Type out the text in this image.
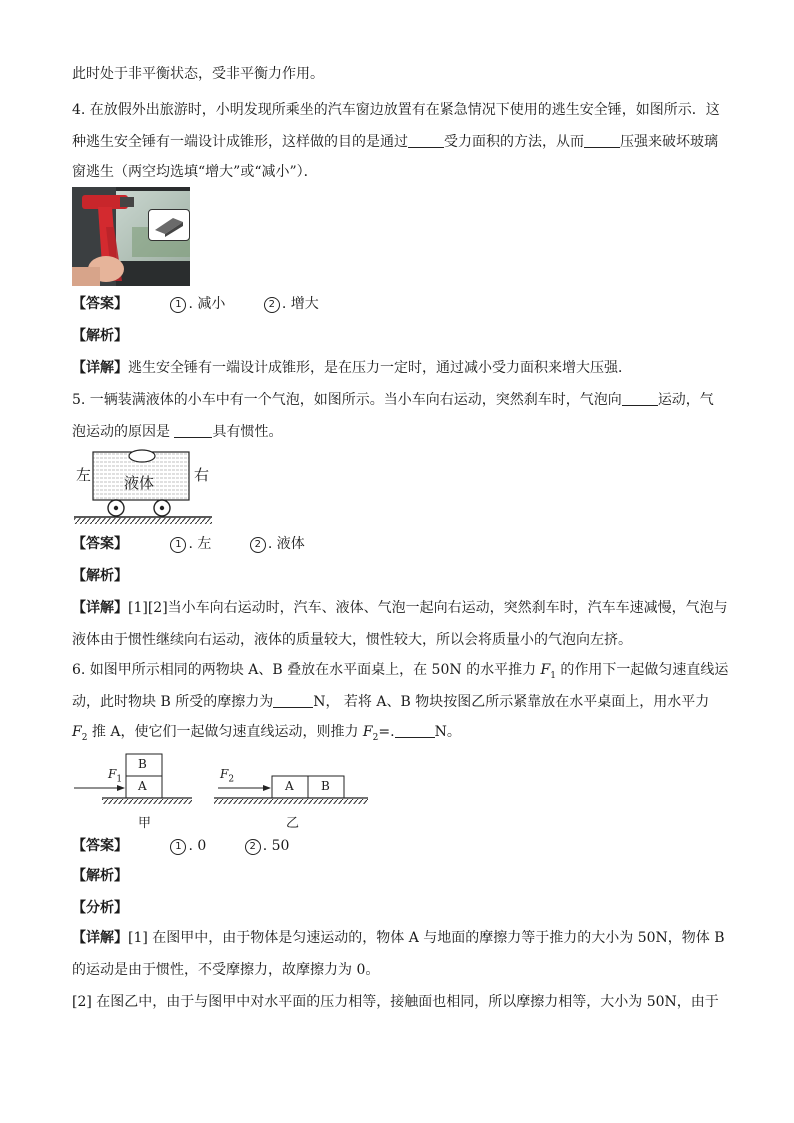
此时处于非平衡状态，受非平衡力作用。
4. 在放假外出旅游时，小明发现所乘坐的汽车窗边放置有在紧急情况下使用的逃生安全锤，如图所示．这
种逃生安全锤有一端设计成锥形，这样做的目的是通过	受力面积的方法，从而	压强来破坏玻璃
窗逃生（两空均选填“增大”或“减小”）．
【答案】	1 . 减小	2 . 增大
【解析】
【详解】逃生安全锤有一端设计成锥形，是在压力一定时，通过减小受力面积来增大压强．
5. 一辆装满液体的小车中有一个气泡，如图所示。当小车向右运动，突然刹车时，气泡向	运动，气
泡运动的原因是	具有惯性。
左	右
液体
【答案】	1 . 左	2 . 液体
【解析】
【详解】[1][2]当小车向右运动时，汽车、液体、气泡一起向右运动，突然刹车时，汽车车速减慢，气泡与
液体由于惯性继续向右运动，液体的质量较大，惯性较大，所以会将质量小的气泡向左挤。
6. 如图甲所示相同的两物块 A、B 叠放在水平面桌上，在 50N 的水平推力 $F_1$ 的作用下一起做匀速直线运
动，此时物块 B 所受的摩擦力为	N， 若将 A、B 物块按图乙所示紧靠放在水平桌面上，用水平力
$F_2$ 推 A，使它们一起做匀速直线运动，则推力 $F_2=$.	N。
B
A
$F_1$	A B
$F_2$
甲	乙
【答案】	1 . 0	2 . 50
【解析】
【分析】
【详解】[1] 在图甲中，由于物体是匀速运动的，物体 A 与地面的摩擦力等于推力的大小为 50N，物体 B
的运动是由于惯性，不受摩擦力，故摩擦力为 0。
[2] 在图乙中，由于与图甲中对水平面的压力相等，接触面也相同，所以摩擦力相等，大小为 50N，由于
